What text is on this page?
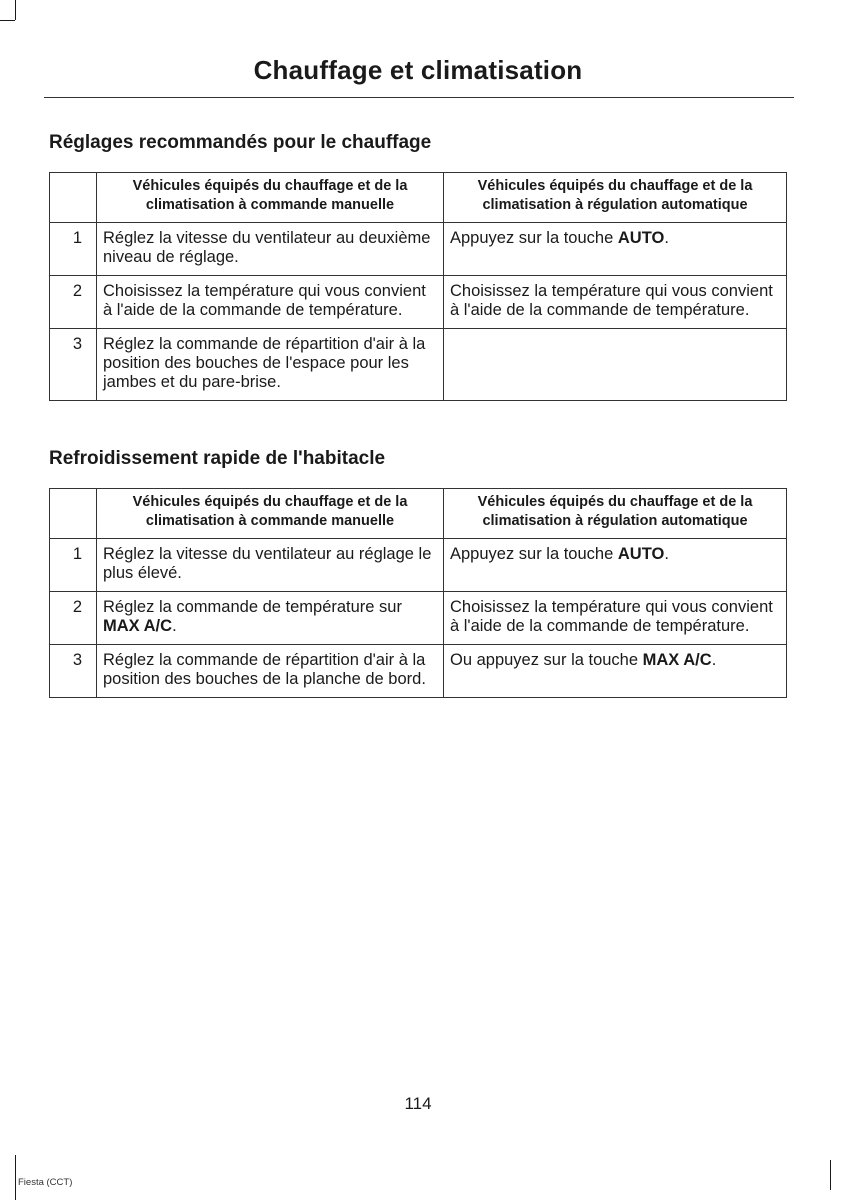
Chauffage et climatisation
Réglages recommandés pour le chauffage
	Véhicules équipés du chauffage et de la climatisation à commande manuelle	Véhicules équipés du chauffage et de la climatisation à régulation automatique
1	Réglez la vitesse du ventilateur au deuxième niveau de réglage.	Appuyez sur la touche AUTO.
2	Choisissez la température qui vous convient à l'aide de la commande de température.	Choisissez la température qui vous convient à l'aide de la commande de température.
3	Réglez la commande de répartition d'air à la position des bouches de l'espace pour les jambes et du pare-brise.	
Refroidissement rapide de l'habitacle
	Véhicules équipés du chauffage et de la climatisation à commande manuelle	Véhicules équipés du chauffage et de la climatisation à régulation automatique
1	Réglez la vitesse du ventilateur au réglage le plus élevé.	Appuyez sur la touche AUTO.
2	Réglez la commande de température sur MAX A/C.	Choisissez la température qui vous convient à l'aide de la commande de température.
3	Réglez la commande de répartition d'air à la position des bouches de la planche de bord.	Ou appuyez sur la touche MAX A/C.
114
Fiesta (CCT)
